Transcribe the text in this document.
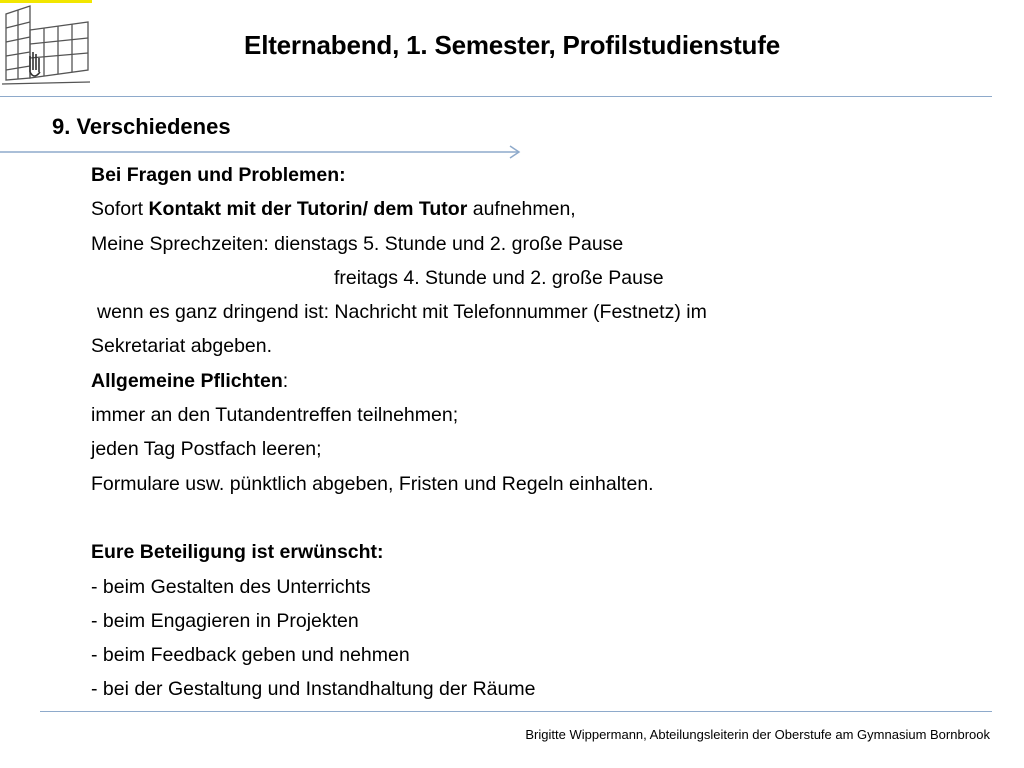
Elternabend, 1. Semester, Profilstudienstufe
9. Verschiedenes
Bei Fragen und Problemen:
Sofort Kontakt mit der Tutorin/ dem Tutor aufnehmen,
Meine Sprechzeiten: dienstags 5. Stunde und 2. große Pause
freitags 4. Stunde und 2. große Pause
wenn es ganz dringend ist: Nachricht mit Telefonnummer (Festnetz) im
Sekretariat abgeben.
Allgemeine Pflichten:
immer an den Tutandentreffen teilnehmen;
jeden Tag Postfach leeren;
Formulare usw. pünktlich abgeben, Fristen und Regeln einhalten.
Eure Beteiligung ist erwünscht:
- beim Gestalten des Unterrichts
- beim Engagieren in Projekten
- beim Feedback geben und nehmen
- bei der Gestaltung und Instandhaltung der Räume
Brigitte Wippermann, Abteilungsleiterin der Oberstufe am Gymnasium Bornbrook
